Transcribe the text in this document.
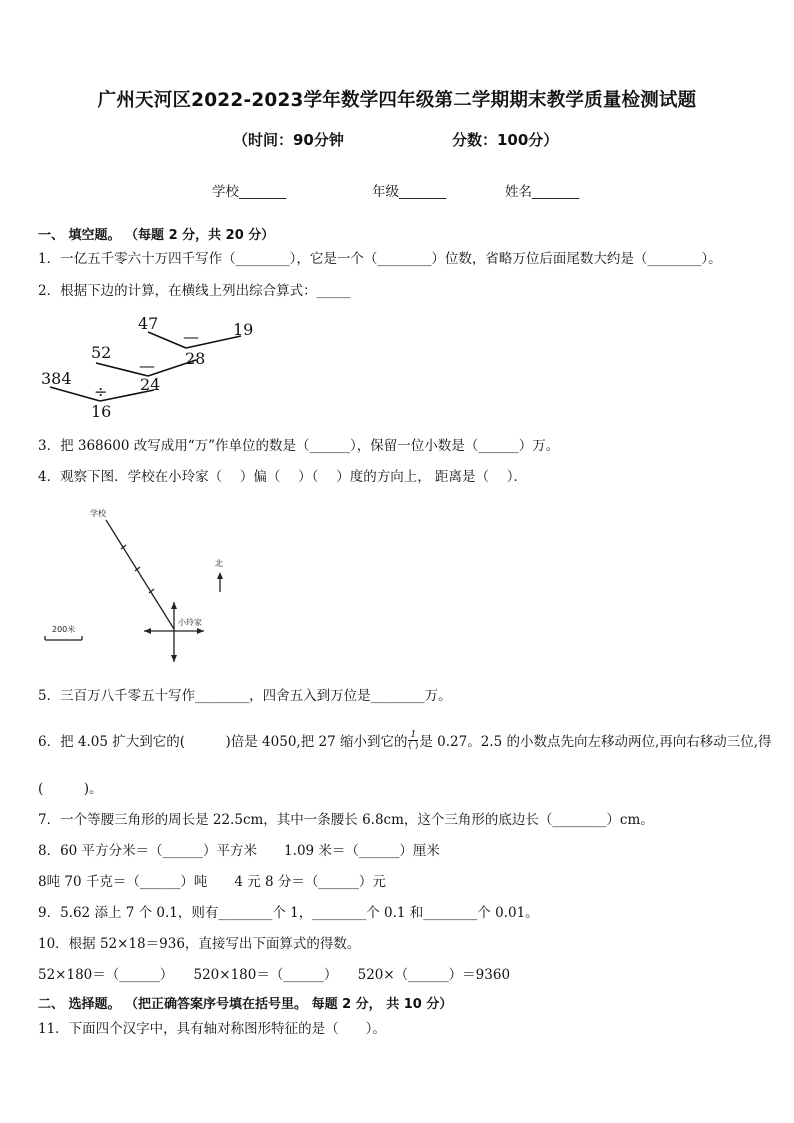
广州天河区2022-2023学年数学四年级第二学期期末教学质量检测试题
（时间：90分钟	分数：100分）
学校_______	年级_______	姓名_______
一、 填空题。 （每题 2 分，共 20 分）
1．一亿五千零六十万四千写作（________），它是一个（________）位数，省略万位后面尾数大约是（________）。
2．根据下边的计算，在横线上列出综合算式：_____
47
— 19
52	28
—
384	24
÷
16
3．把 368600 改写成用“万”作单位的数是（______），保留一位小数是（______）万。
4．观察下图．学校在小玲家（　 ）偏（　 ）（　 ）度的方向上， 距离是（　 ）．
学校
北
小玲家
200米
5．三百万八千零五十写作________，四舍五入到万位是________万。
6．把 4.05 扩大到它的(　　　)倍是 4050,把 27 缩小到它的 1
( ) 是 0.27。2.5 的小数点先向左移动两位,再向右移动三位,得
(　　　)。
7．一个等腰三角形的周长是 22.5cm，其中一条腰长 6.8cm，这个三角形的底边长（________）cm。
8．60 平方分米＝（______）平方米　　1.09 米＝（______）厘米
8吨 70 千克＝（______）吨　　4 元 8 分＝（______）元
9．5.62 添上 7 个 0.1，则有________个 1，________个 0.1 和________个 0.01。
10．根据 52×18＝936，直接写出下面算式的得数。
52×180＝（______）　　520×180＝（______）　　520×（______）＝9360
二、 选择题。 （把正确答案序号填在括号里。 每题 2 分， 共 10 分）
11．下面四个汉字中，具有轴对称图形特征的是（　　）。
